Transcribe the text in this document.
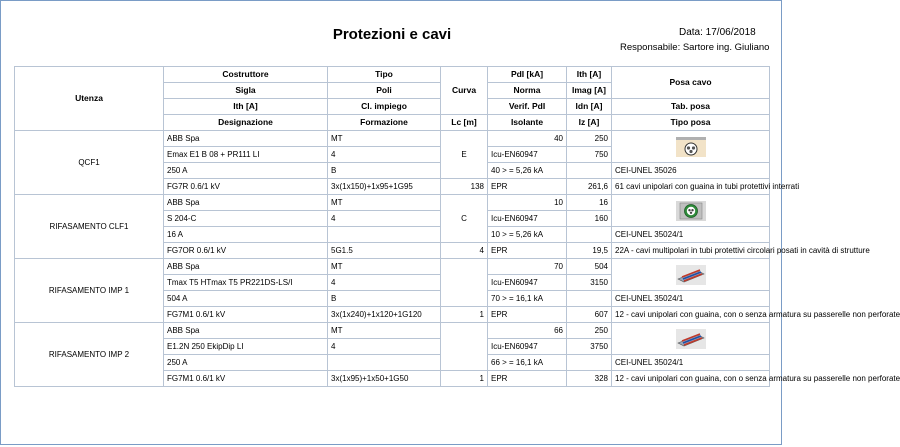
Protezioni e cavi	Data: 17/06/2018
Responsabile: Sartore ing. Giuliano
Utenza	Costruttore	Tipo	Curva	PdI [kA]	Ith [A]	Posa cavo
	Sigla	Poli		Norma	Imag [A]	
	Ith [A]	Cl. impiego		Verif. PdI	Idn [A]	Tab. posa
	Designazione	Formazione	Lc [m]	Isolante	Iz [A]	Tipo posa
QCF1	ABB Spa	MT	E	40	250	
	Emax E1 B 08 + PR111 LI	4		Icu-EN60947	750	
	250 A	B		40 > = 5,26 kA		CEI-UNEL 35026
	FG7R 0.6/1 kV	3x(1x150)+1x95+1G95	138	EPR	261,6	61 cavi unipolari con guaina in tubi protettivi interrati
RIFASAMENTO CLF1	ABB Spa	MT	C	10	16	
	S 204-C	4		Icu-EN60947	160	
	16 A			10 > = 5,26 kA		CEI-UNEL 35024/1
	FG7OR 0.6/1 kV	5G1.5	4	EPR	19,5	22A - cavi multipolari in tubi protettivi circolari posati in cavità di strutture
RIFASAMENTO IMP 1	ABB Spa	MT		70	504	
	Tmax T5 HTmax T5 PR221DS-LS/I	4		Icu-EN60947	3150	
	504 A	B		70 > = 16,1 kA		CEI-UNEL 35024/1
	FG7M1 0.6/1 kV	3x(1x240)+1x120+1G120	1	EPR	607	12 - cavi unipolari con guaina, con o senza armatura su passerelle non perforate
RIFASAMENTO IMP 2	ABB Spa	MT		66	250	
	E1.2N 250 EkipDip LI	4		Icu-EN60947	3750	
	250 A			66 > = 16,1 kA		CEI-UNEL 35024/1
	FG7M1 0.6/1 kV	3x(1x95)+1x50+1G50	1	EPR	328	12 - cavi unipolari con guaina, con o senza armatura su passerelle non perforate
